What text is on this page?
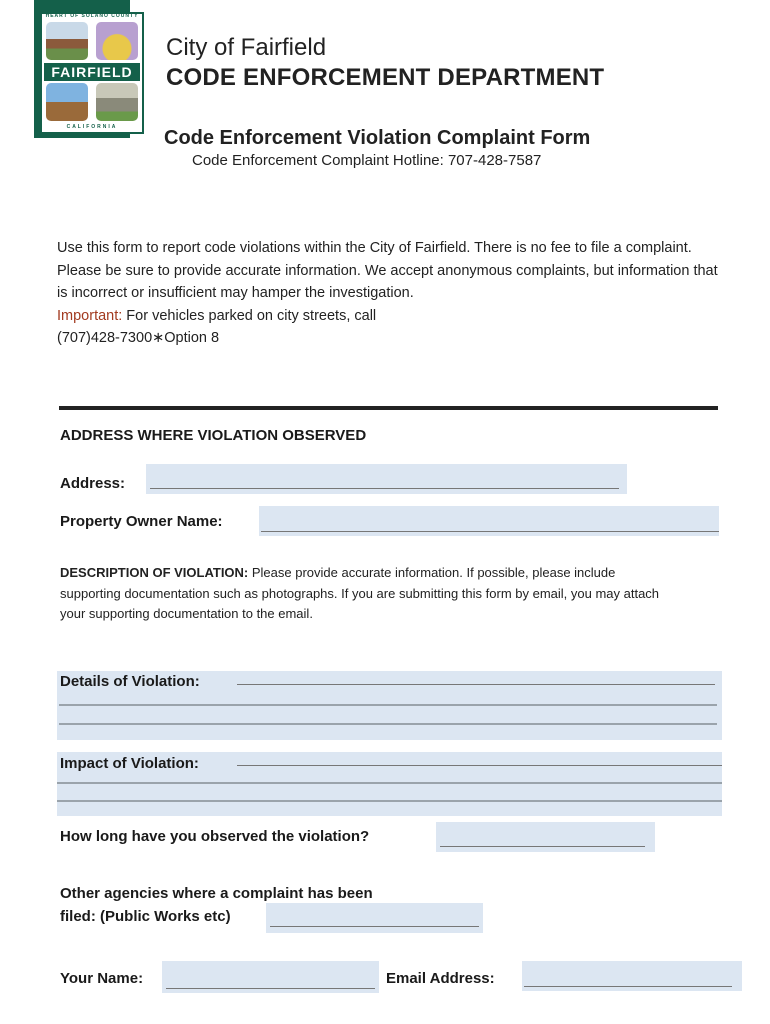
HEART OF SOLANO COUNTY
FAIRFIELD
CALIFORNIA
City of Fairfield
CODE ENFORCEMENT DEPARTMENT
Code Enforcement Violation Complaint Form
Code Enforcement Complaint Hotline: 707-428-7587
Use this form to report code violations within the City of Fairfield. There is no fee to file a complaint.
Please be sure to provide accurate information. We accept anonymous complaints, but information that is incorrect or insufficient may hamper the investigation.
Important: For vehicles parked on city streets, call
(707)428-7300∗Option 8
ADDRESS WHERE VIOLATION OBSERVED
Address:
Property Owner Name:
DESCRIPTION OF VIOLATION: Please provide accurate information. If possible, please include supporting documentation such as photographs. If you are submitting this form by email, you may attach your supporting documentation to the email.
Details of Violation:
Impact of Violation:
How long have you observed the violation?
Other agencies where a complaint has been
filed: (Public Works etc)
Your Name:	Email Address:
